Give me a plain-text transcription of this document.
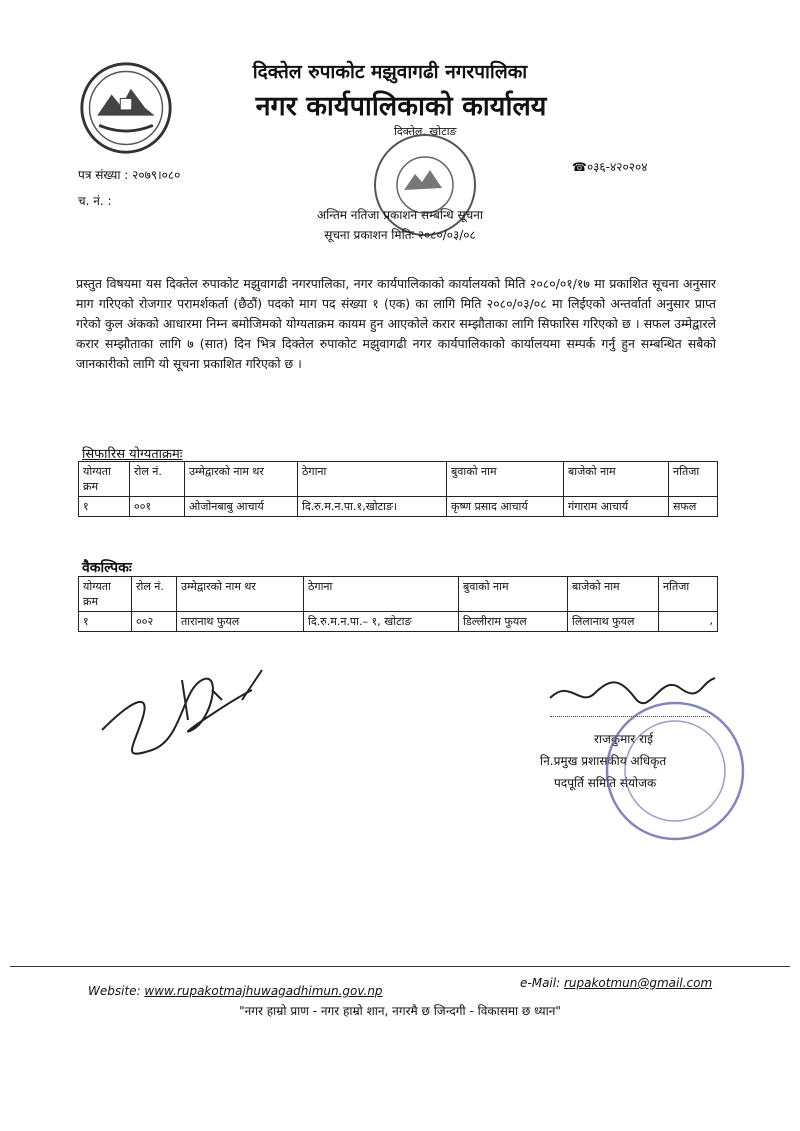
दिक्तेल रुपाकोट मझुवागढी नगरपालिका
नगर कार्यपालिकाको कार्यालय
दिक्तेल, खोटाङ
पत्र संख्या : २०७९।०८०
च. नं. :
☎०३६-४२०२०४
अन्तिम नतिजा प्रकाशन सम्बन्धि सूचना
सूचना प्रकाशन मितिः २०८०/०३/०८
प्रस्तुत विषयमा यस दिक्तेल रुपाकोट मझुवागढी नगरपालिका, नगर कार्यपालिकाको कार्यालयको मिति २०८०/०१/१७ मा प्रकाशित सूचना अनुसार माग गरिएको रोजगार परामर्शकर्ता (छैठौं) पदको माग पद संख्या १ (एक) का लागि मिति २०८०/०३/०८ मा लिईएको अन्तर्वार्ता अनुसार प्राप्त गरेको कुल अंकको आधारमा निम्न बमोजिमको योग्यताक्रम कायम हुन आएकोले करार सम्झौताका लागि सिफारिस गरिएको छ । सफल उम्मेद्वारले करार सम्झौताका लागि ७ (सात) दिन भित्र दिक्तेल रुपाकोट मझुवागढी नगर कार्यपालिकाको कार्यालयमा सम्पर्क गर्नु हुन सम्बन्धित सबैको जानकारीको लागि यो सूचना प्रकाशित गरिएको छ ।
सिफारिस योग्यताक्रमः
योग्यता क्रम	रोल नं.	उम्मेद्वारको नाम थर	ठेगाना	बुवाको नाम	बाजेको नाम	नतिजा
१	००१	ओजोनबाबु आचार्य	दि.रु.म.न.पा.१,खोटाङ।	कृष्ण प्रसाद आचार्य	गंगाराम आचार्य	सफल
वैकल्पिकः
योग्यता क्रम	रोल नं.	उम्मेद्वारको नाम थर	ठेगाना	बुवाको नाम	बाजेको नाम	नतिजा
१	००२	तारानाथ फुयल	दि.रु.म.न.पा.– १, खोटाङ	डिल्लीराम फुयल	लिलानाथ फुयल	,
राजकुमार राई
नि.प्रमुख प्रशासकीय अधिकृत
पदपूर्ति समिति संयोजक
Website: www.rupakotmajhuwagadhimun.gov.np
e-Mail: rupakotmun@gmail.com
"नगर हाम्रो प्राण - नगर हाम्रो शान, नगरमै छ जिन्दगी - विकासमा छ ध्यान"
